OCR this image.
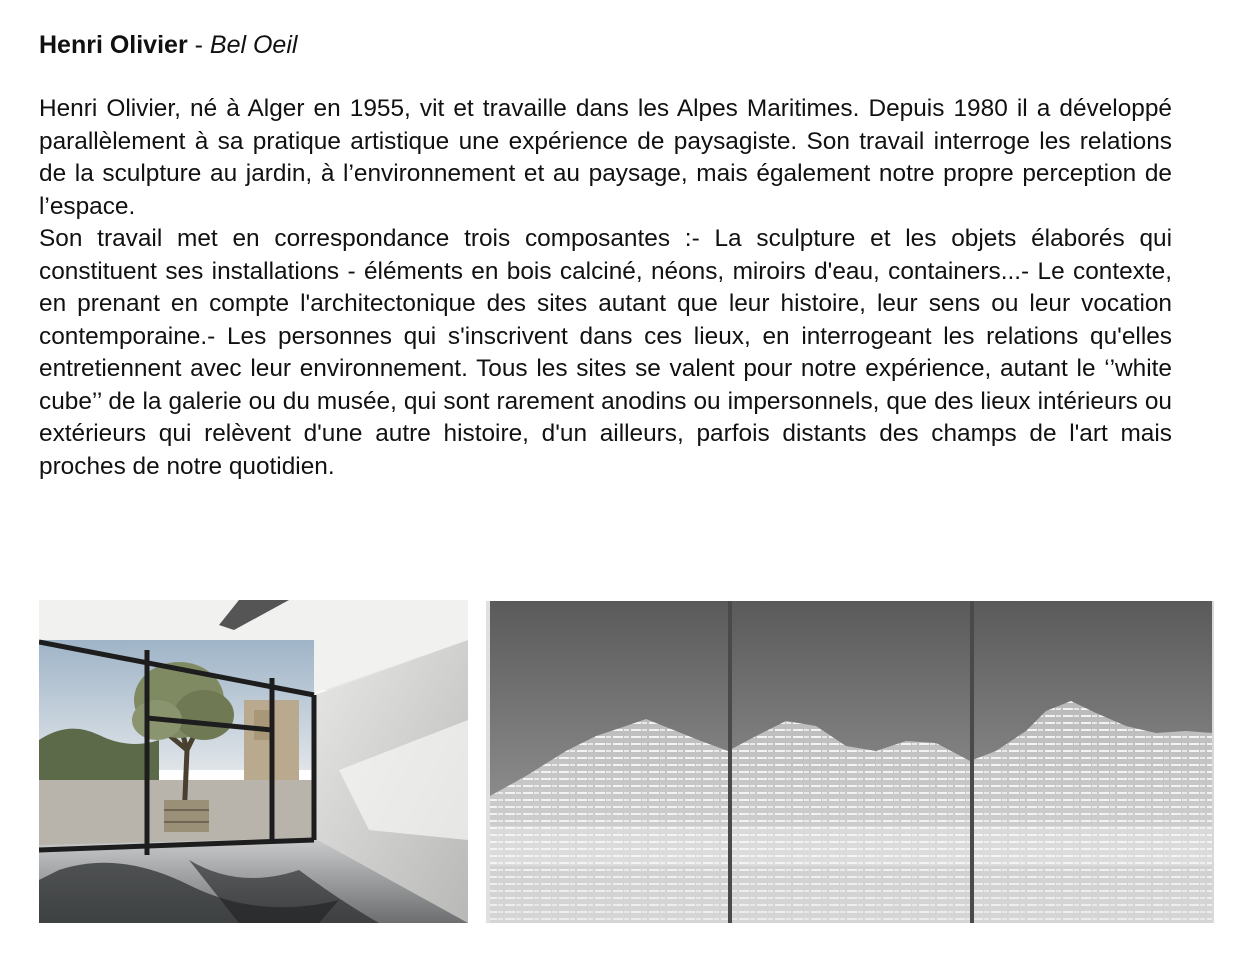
Henri Olivier - Bel Oeil

Henri Olivier, né à Alger en 1955, vit et travaille dans les Alpes Maritimes. Depuis 1980 il a développé parallèlement à sa pratique artistique une expérience de paysagiste. Son travail interroge les relations de la sculpture au jardin, à l’environnement et au paysage, mais également notre propre perception de l’espace.

Son travail met en correspondance trois composantes :- La sculpture et les objets élaborés qui constituent ses installations - éléments en bois calciné, néons, miroirs d'eau, containers...- Le contexte, en prenant en compte l'architectonique des sites autant que leur histoire, leur sens ou leur vocation contemporaine.- Les personnes qui s'inscrivent dans ces lieux, en interrogeant les relations qu'elles entretiennent avec leur environnement. Tous les sites se valent pour notre expérience, autant le ‘’white cube’’ de la galerie ou du musée, qui sont rarement anodins ou impersonnels, que des lieux intérieurs ou extérieurs qui relèvent d'une autre histoire, d'un ailleurs, parfois distants des champs de l'art mais proches de notre quotidien.
